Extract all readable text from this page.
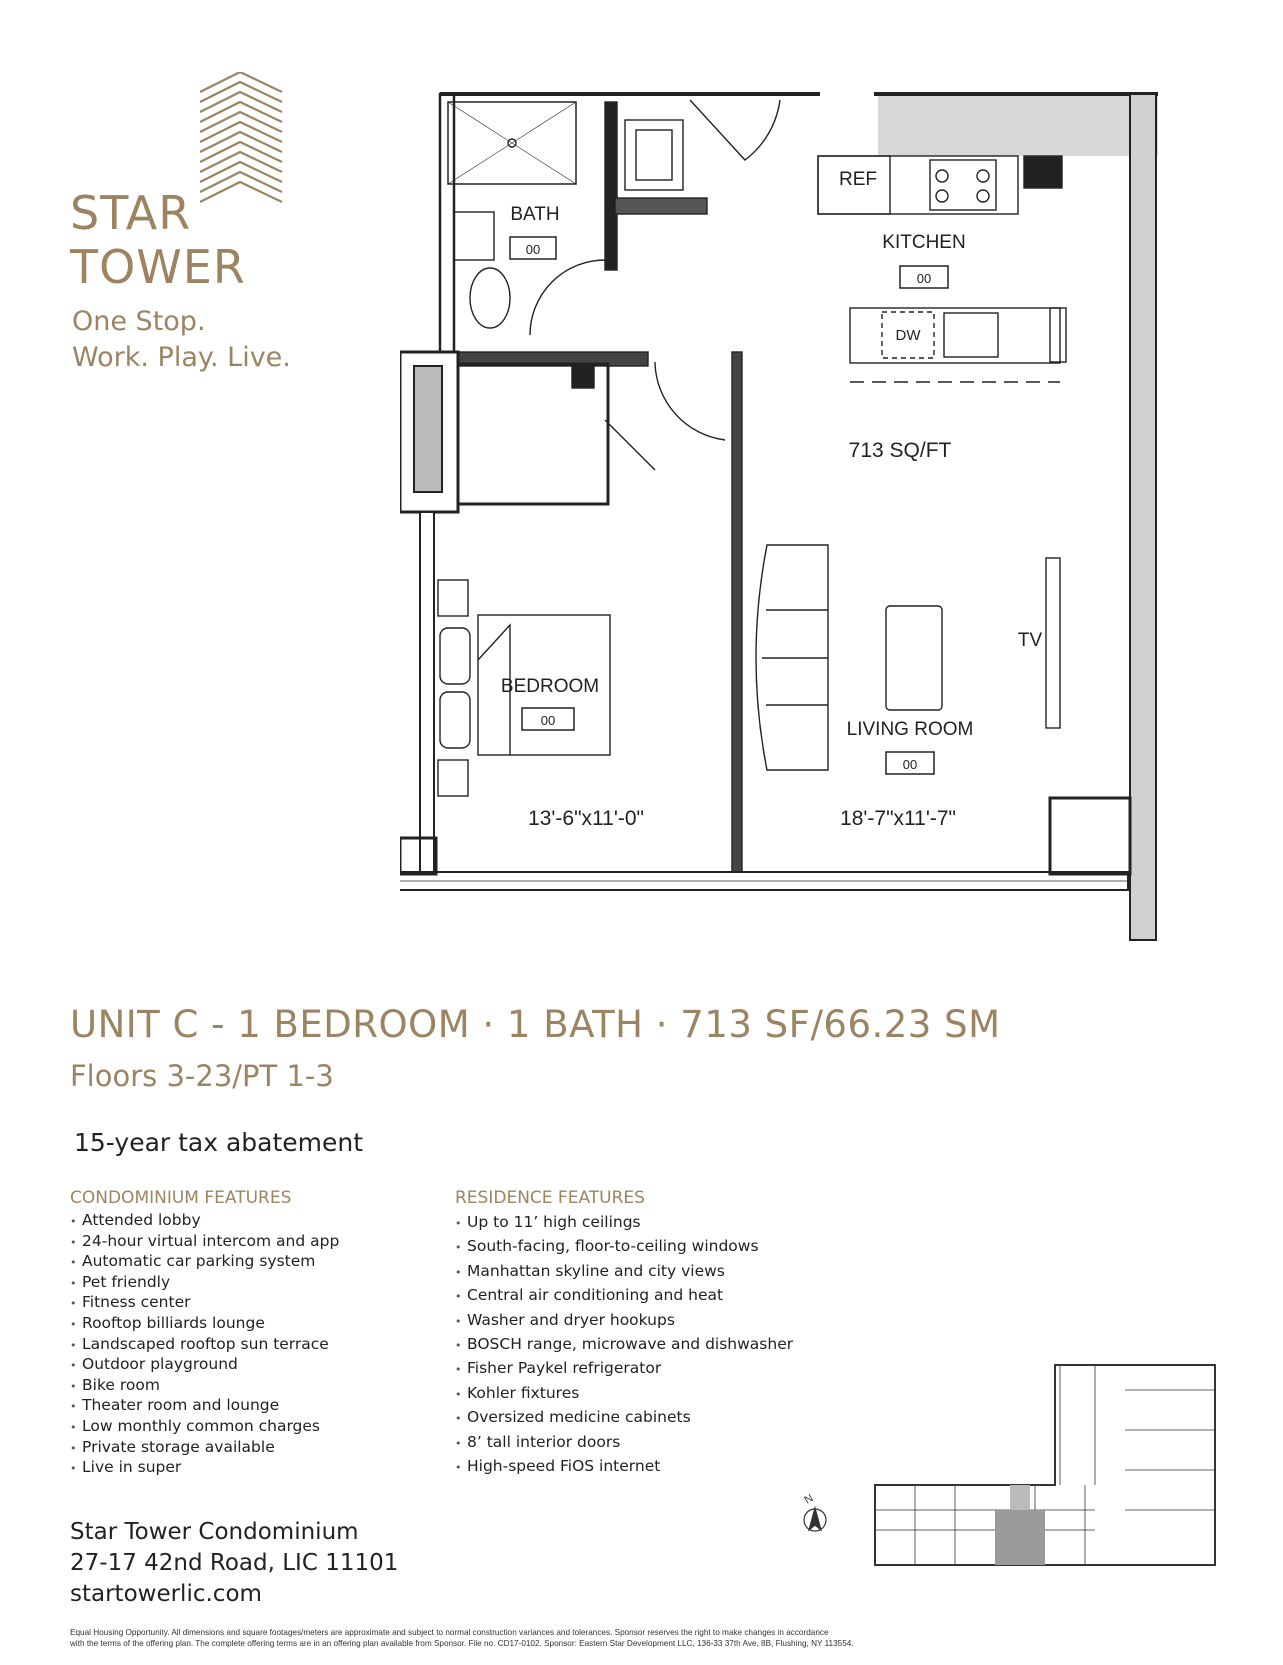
STAR
TOWER
One Stop.
Work. Play. Live.
BATH
00
REF
KITCHEN
00
DW
713 SQ/FT
TV
LIVING ROOM
00
18'-7"x11'-7"
BEDROOM
00
13'-6"x11'-0"
UNIT C - 1 BEDROOM · 1 BATH · 713 SF/66.23 SM
Floors 3-23/PT 1-3
15-year tax abatement
CONDOMINIUM FEATURES
• Attended lobby
• 24-hour virtual intercom and app
• Automatic car parking system
• Pet friendly
• Fitness center
• Rooftop billiards lounge
• Landscaped rooftop sun terrace
• Outdoor playground
• Bike room
• Theater room and lounge
• Low monthly common charges
• Private storage available
• Live in super
RESIDENCE FEATURES
• Up to 11’ high ceilings
• South-facing, floor-to-ceiling windows
• Manhattan skyline and city views
• Central air conditioning and heat
• Washer and dryer hookups
• BOSCH range, microwave and dishwasher
• Fisher Paykel refrigerator
• Kohler fixtures
• Oversized medicine cabinets
• 8’ tall interior doors
• High-speed FiOS internet
N
Star Tower Condominium
27-17 42nd Road, LIC 11101
startowerlic.com
Equal Housing Opportunity. All dimensions and square footages/meters are approximate and subject to normal construction variances and tolerances. Sponsor reserves the right to make changes in accordance
with the terms of the offering plan. The complete offering terms are in an offering plan available from Sponsor. File no. CD17-0102. Sponsor: Eastern Star Development LLC, 136-33 37th Ave, 8B, Flushing, NY 113554.
